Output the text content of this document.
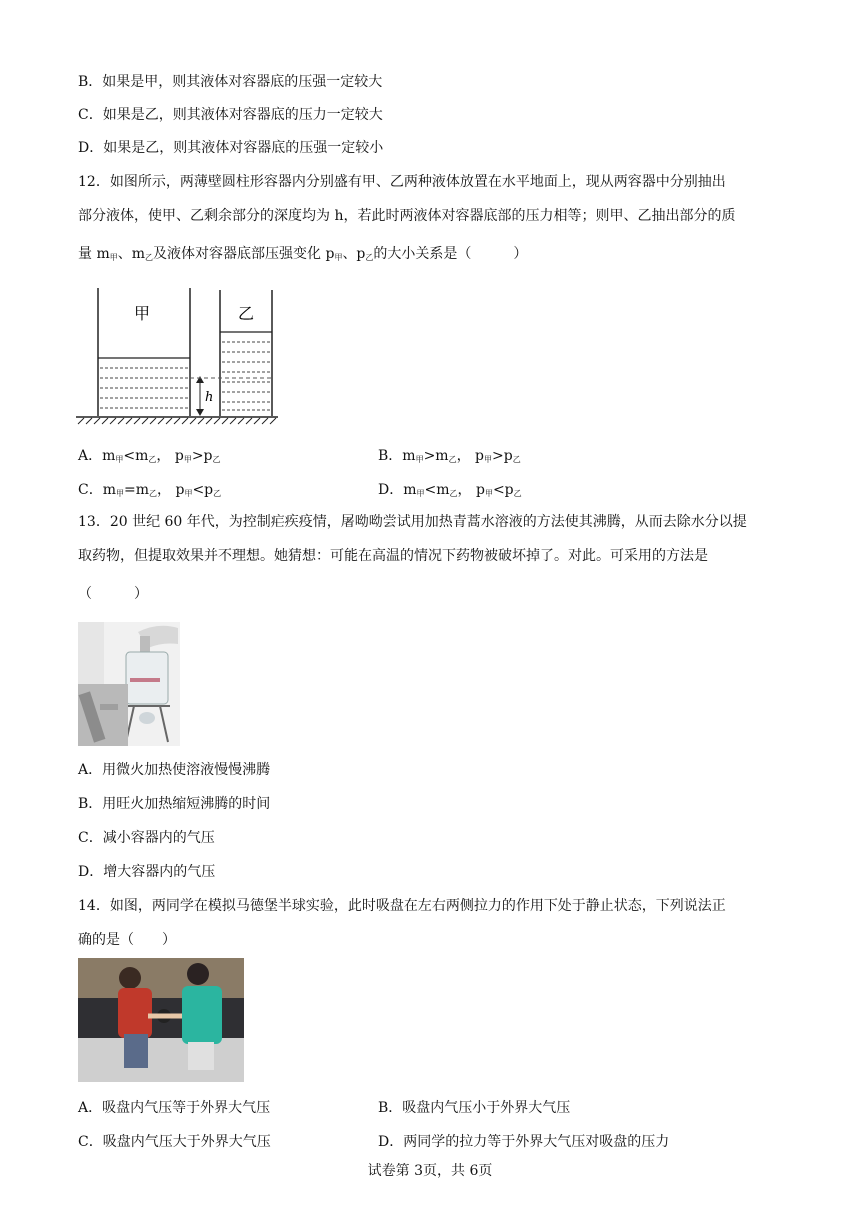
B．如果是甲，则其液体对容器底的压强一定较大
C．如果是乙，则其液体对容器底的压力一定较大
D．如果是乙，则其液体对容器底的压强一定较小
12．如图所示，两薄壁圆柱形容器内分别盛有甲、乙两种液体放置在水平地面上，现从两容器中分别抽出
部分液体，使甲、乙剩余部分的深度均为 h，若此时两液体对容器底部的压力相等；则甲、乙抽出部分的质
量 $m_甲$、$m_乙$及液体对容器底部压强变化 $p_甲$、$p_乙$的大小关系是（　　　）
甲
h
乙
A．$m_甲<m_乙$， $p_甲>p_乙$	B．$m_甲>m_乙$， $p_甲>p_乙$
C．$m_甲=m_乙$， $p_甲<p_乙$	D．$m_甲<m_乙$， $p_甲<p_乙$
13．20 世纪 60 年代，为控制疟疾疫情，屠呦呦尝试用加热青蒿水溶液的方法使其沸腾，从而去除水分以提
取药物，但提取效果并不理想。她猜想：可能在高温的情况下药物被破坏掉了。对此。可采用的方法是
（　　　）
A．用微火加热使溶液慢慢沸腾
B．用旺火加热缩短沸腾的时间
C．减小容器内的气压
D．增大容器内的气压
14．如图，两同学在模拟马德堡半球实验，此时吸盘在左右两侧拉力的作用下处于静止状态，下列说法正
确的是（　　）
A．吸盘内气压等于外界大气压	B．吸盘内气压小于外界大气压
C．吸盘内气压大于外界大气压	D．两同学的拉力等于外界大气压对吸盘的压力
试卷第 3页，共 6页
